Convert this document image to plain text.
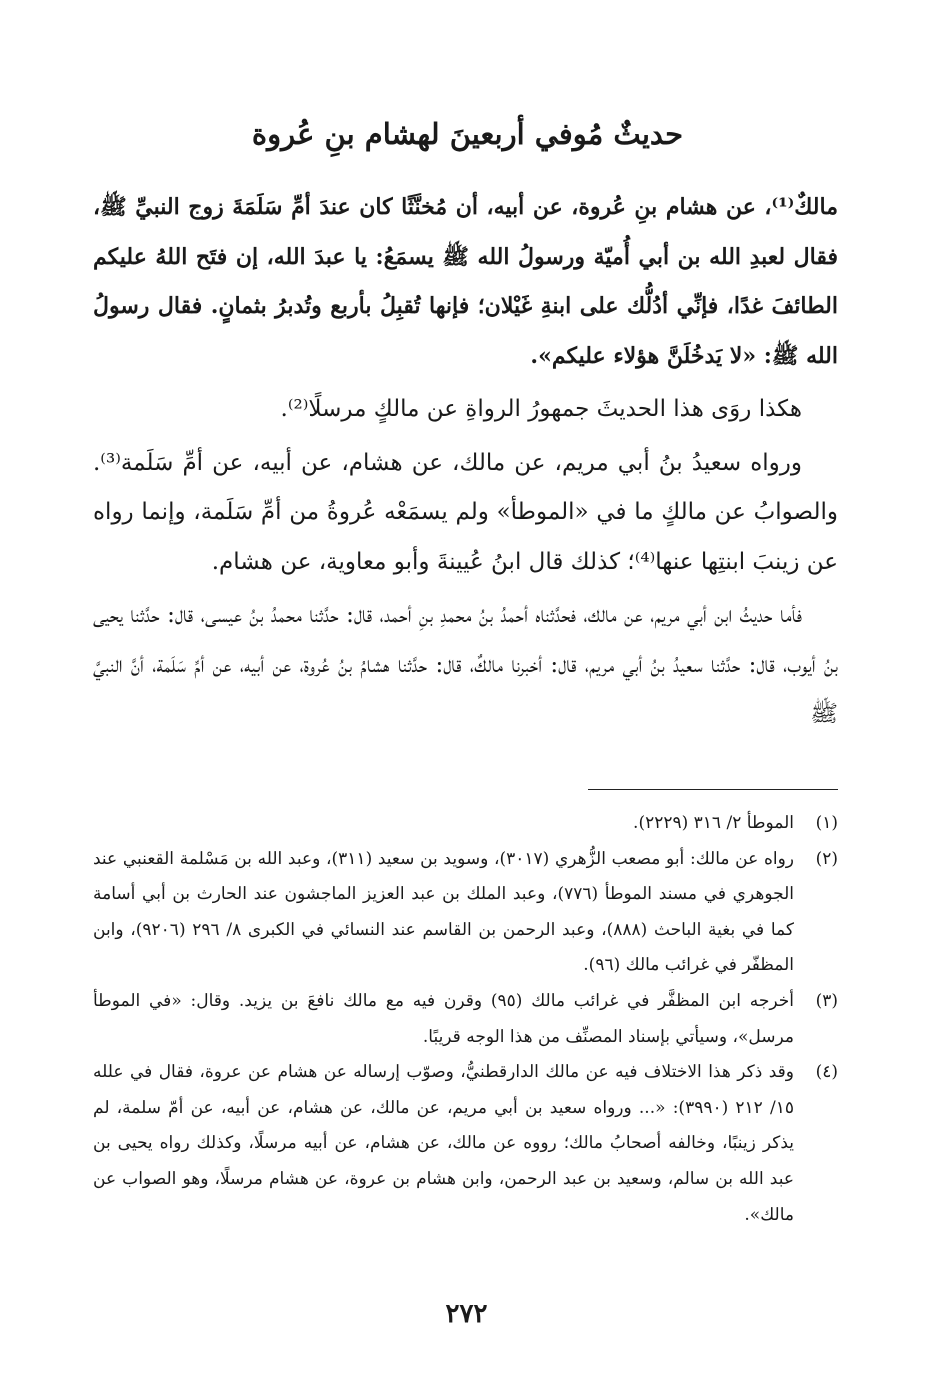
حديثٌ مُوفي أربعينَ لهشام بنِ عُروة

مالكٌ⁽¹⁾، عن هشام بنِ عُروة، عن أبيه، أن مُخنَّثًا كان عندَ أمِّ سَلَمَةَ زوج النبيِّ ﷺ، فقال لعبدِ الله بن أبي أُميّة ورسولُ الله ﷺ يسمَعُ: يا عبدَ الله، إن فتَح اللهُ عليكم الطائفَ غدًا، فإنِّي أدُلُّك على ابنةِ غَيْلان؛ فإنها تُقبِلُ بأربع وتُدبرُ بثمانٍ. فقال رسولُ الله ﷺ: «لا يَدخُلَنَّ هؤلاء عليكم».

هكذا روَى هذا الحديثَ جمهورُ الرواةِ عن مالكٍ مرسلًا⁽²⁾.

ورواه سعيدُ بنُ أبي مريم، عن مالك، عن هشام، عن أبيه، عن أمِّ سَلَمة⁽³⁾. والصوابُ عن مالكٍ ما في «الموطأ» ولم يسمَعْه عُروةُ من أمِّ سَلَمة، وإنما رواه عن زينبَ ابنتِها عنها⁽⁴⁾؛ كذلك قال ابنُ عُيينةَ وأبو معاوية، عن هشام.

فأما حديثُ ابن أبي مريم، عن مالك، فحدَّثناه أحمدُ بنُ محمدِ بنِ أحمد، قال: حدَّثنا محمدُ بنُ عيسى، قال: حدَّثنا يحيى بنُ أيوب، قال: حدَّثنا سعيدُ بنُ أبي مريم، قال: أخبرنا مالكٌ، قال: حدَّثنا هشامُ بنُ عُروة، عن أبيه، عن أمِّ سَلَمة، أنَّ النبيَّ ﷺ

(١)
الموطأ ٢/ ٣١٦ (٢٢٢٩).
(٢)
رواه عن مالك: أبو مصعب الزُّهري (٣٠١٧)، وسويد بن سعيد (٣١١)، وعبد الله بن مَسْلمة القعنبي عند الجوهري في مسند الموطأ (٧٧٦)، وعبد الملك بن عبد العزيز الماجشون عند الحارث بن أبي أسامة كما في بغية الباحث (٨٨٨)، وعبد الرحمن بن القاسم عند النسائي في الكبرى ٨/ ٢٩٦ (٩٢٠٦)، وابن المظفّر في غرائب مالك (٩٦).
(٣)
أخرجه ابن المظفَّر في غرائب مالك (٩٥) وقرن فيه مع مالك نافعَ بن يزيد. وقال: «في الموطأ مرسل»، وسيأتي بإسناد المصنِّف من هذا الوجه قريبًا.
(٤)
وقد ذكر هذا الاختلاف فيه عن مالك الدارقطنيُّ، وصوّب إرساله عن هشام عن عروة، فقال في علله ١٥/ ٢١٢ (٣٩٩٠): «... ورواه سعيد بن أبي مريم، عن مالك، عن هشام، عن أبيه، عن أمّ سلمة، لم يذكر زينبًا، وخالفه أصحابُ مالك؛ رووه عن مالك، عن هشام، عن أبيه مرسلًا، وكذلك رواه يحيى بن عبد الله بن سالم، وسعيد بن عبد الرحمن، وابن هشام بن عروة، عن هشام مرسلًا، وهو الصواب عن مالك».
٢٧٢
